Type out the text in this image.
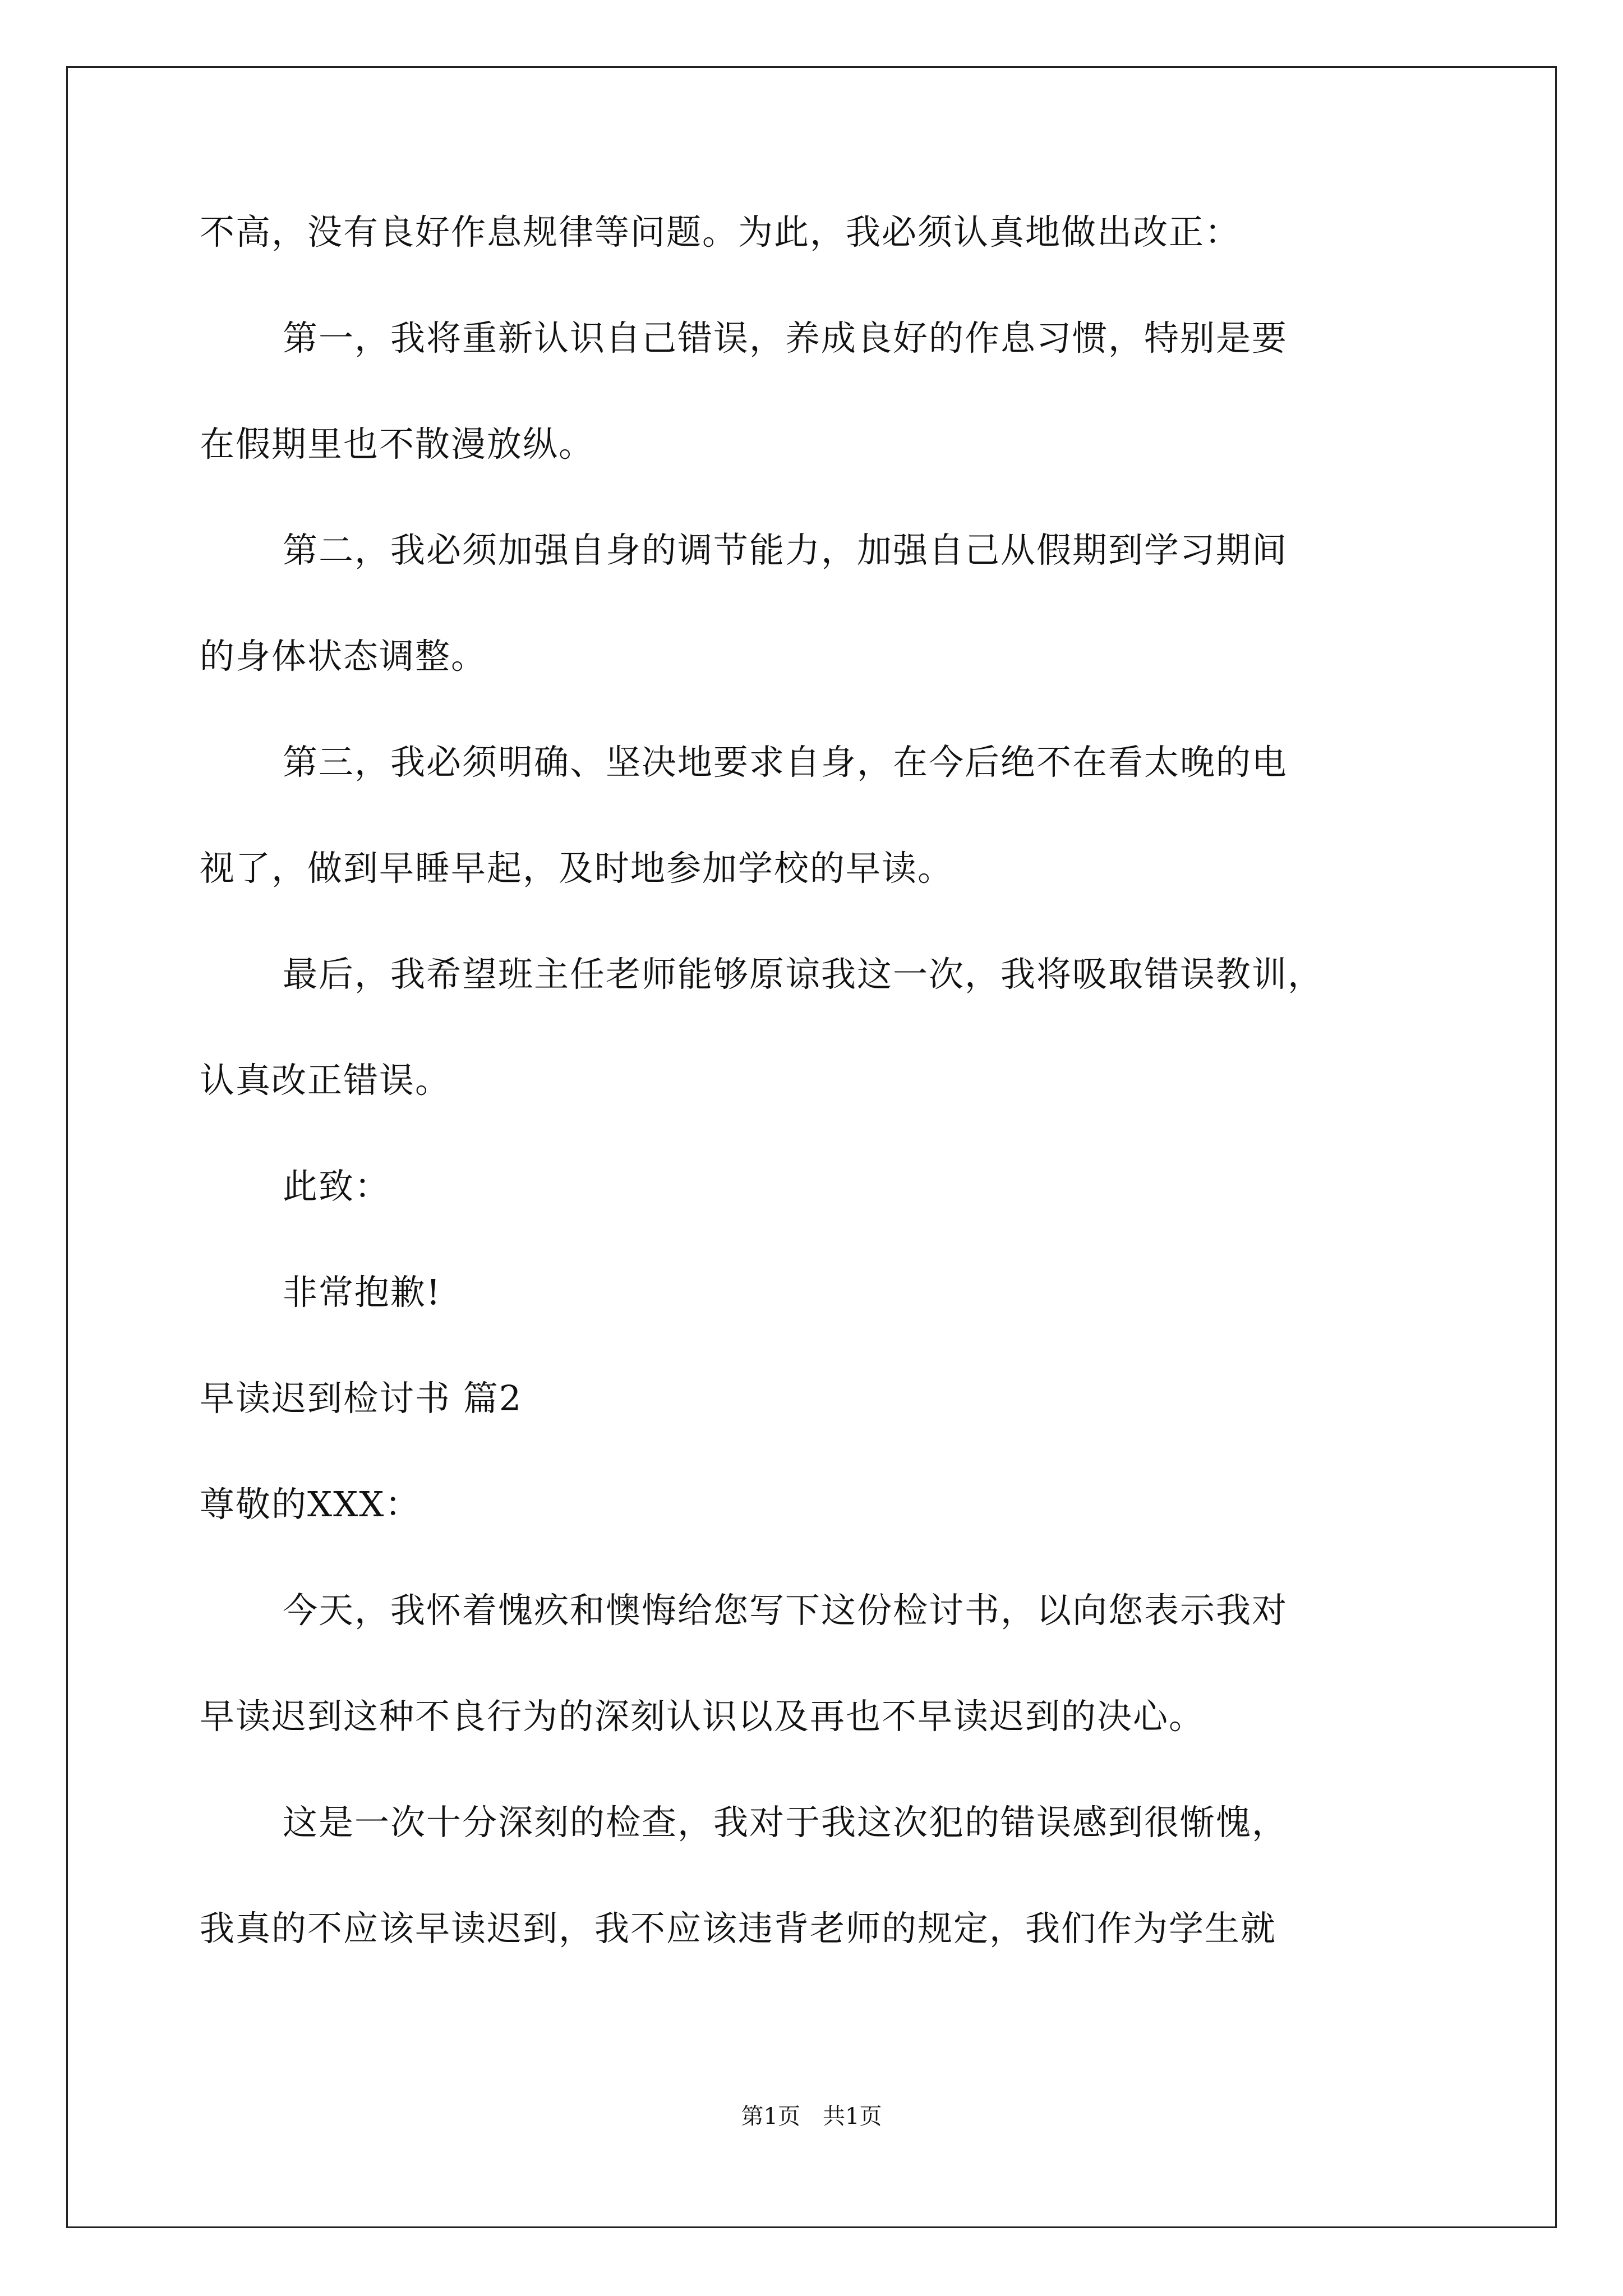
不高，没有良好作息规律等问题。为此，我必须认真地做出改正：
第一，我将重新认识自己错误，养成良好的作息习惯，特别是要
在假期里也不散漫放纵。
第二，我必须加强自身的调节能力，加强自己从假期到学习期间
的身体状态调整。
第三，我必须明确、坚决地要求自身，在今后绝不在看太晚的电
视了，做到早睡早起，及时地参加学校的早读。
最后，我希望班主任老师能够原谅我这一次，我将吸取错误教训，
认真改正错误。
此致：
非常抱歉!
早读迟到检讨书 篇2
尊敬的XXX：
今天，我怀着愧疚和懊悔给您写下这份检讨书，以向您表示我对
早读迟到这种不良行为的深刻认识以及再也不早读迟到的决心。
这是一次十分深刻的检查，我对于我这次犯的错误感到很惭愧，
我真的不应该早读迟到，我不应该违背老师的规定，我们作为学生就
第1页　共1页
